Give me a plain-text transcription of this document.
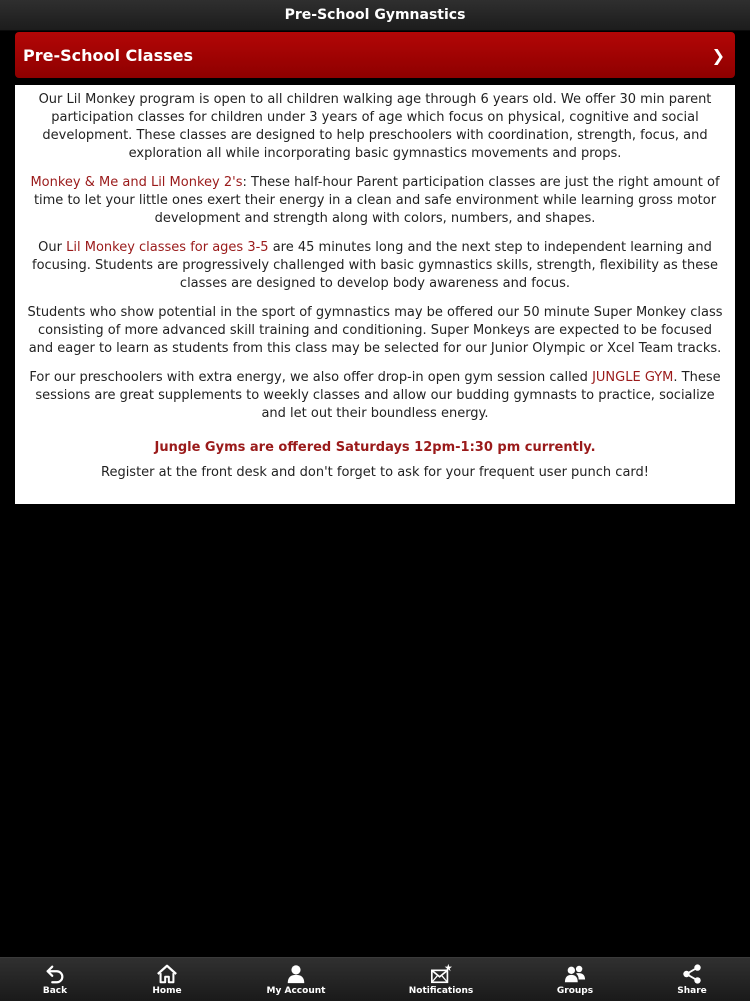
Pre-School Gymnastics
Pre-School Classes	❯

Our Lil Monkey program is open to all children walking age through 6 years old. We offer 30 min parent participation classes for children under 3 years of age which focus on physical, cognitive and social development. These classes are designed to help preschoolers with coordination, strength, focus, and exploration all while incorporating basic gymnastics movements and props.

Monkey & Me and Lil Monkey 2's: These half-hour Parent participation classes are just the right amount of time to let your little ones exert their energy in a clean and safe environment while learning gross motor development and strength along with colors, numbers, and shapes.

Our Lil Monkey classes for ages 3-5 are 45 minutes long and the next step to independent learning and focusing. Students are progressively challenged with basic gymnastics skills, strength, flexibility as these classes are designed to develop body awareness and focus.

Students who show potential in the sport of gymnastics may be offered our 50 minute Super Monkey class consisting of more advanced skill training and conditioning. Super Monkeys are expected to be focused and eager to learn as students from this class may be selected for our Junior Olympic or Xcel Team tracks.

For our preschoolers with extra energy, we also offer drop-in open gym session called JUNGLE GYM. These sessions are great supplements to weekly classes and allow our budding gymnasts to practice, socialize and let out their boundless energy.

Jungle Gyms are offered Saturdays 12pm-1:30 pm currently.

Register at the front desk and don't forget to ask for your frequent user punch card!

Back	Home	My Account	Notifications	Groups	Share
